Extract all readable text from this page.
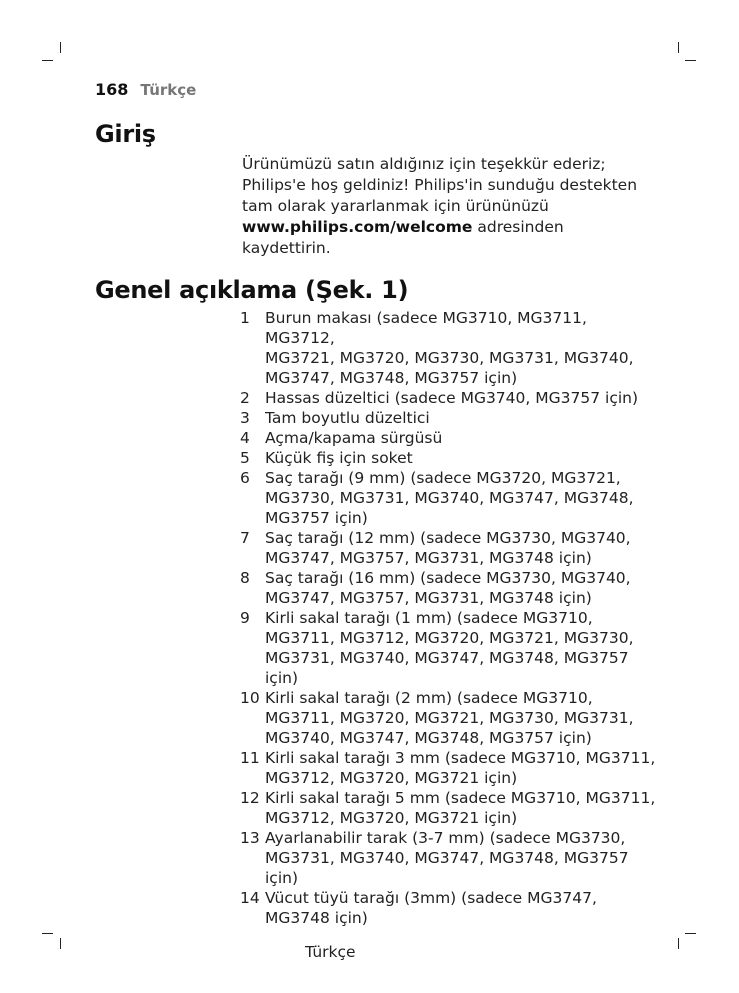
168 Türkçe
Giriş

Ürünümüzü satın aldığınız için teşekkür ederiz;
Philips'e hoş geldiniz! Philips'in sunduğu destekten
tam olarak yararlanmak için ürününüzü
www.philips.com/welcome adresinden
kaydettirin.

Genel açıklama (Şek. 1)
1 Burun makası (sadece MG3710, MG3711, MG3712,
MG3721, MG3720, MG3730, MG3731, MG3740,
MG3747, MG3748, MG3757 için)
2 Hassas düzeltici (sadece MG3740, MG3757 için)
3 Tam boyutlu düzeltici
4 Açma/kapama sürgüsü
5 Küçük fiş için soket
6 Saç tarağı (9 mm) (sadece MG3720, MG3721,
MG3730, MG3731, MG3740, MG3747, MG3748,
MG3757 için)
7 Saç tarağı (12 mm) (sadece MG3730, MG3740,
MG3747, MG3757, MG3731, MG3748 için)
8 Saç tarağı (16 mm) (sadece MG3730, MG3740,
MG3747, MG3757, MG3731, MG3748 için)
9 Kirli sakal tarağı (1 mm) (sadece MG3710,
MG3711, MG3712, MG3720, MG3721, MG3730,
MG3731, MG3740, MG3747, MG3748, MG3757
için)
10 Kirli sakal tarağı (2 mm) (sadece MG3710,
MG3711, MG3720, MG3721, MG3730, MG3731,
MG3740, MG3747, MG3748, MG3757 için)
11 Kirli sakal tarağı 3 mm (sadece MG3710, MG3711,
MG3712, MG3720, MG3721 için)
12 Kirli sakal tarağı 5 mm (sadece MG3710, MG3711,
MG3712, MG3720, MG3721 için)
13 Ayarlanabilir tarak (3-7 mm) (sadece MG3730,
MG3731, MG3740, MG3747, MG3748, MG3757
için)
14 Vücut tüyü tarağı (3mm) (sadece MG3747,
MG3748 için)
Türkçe
